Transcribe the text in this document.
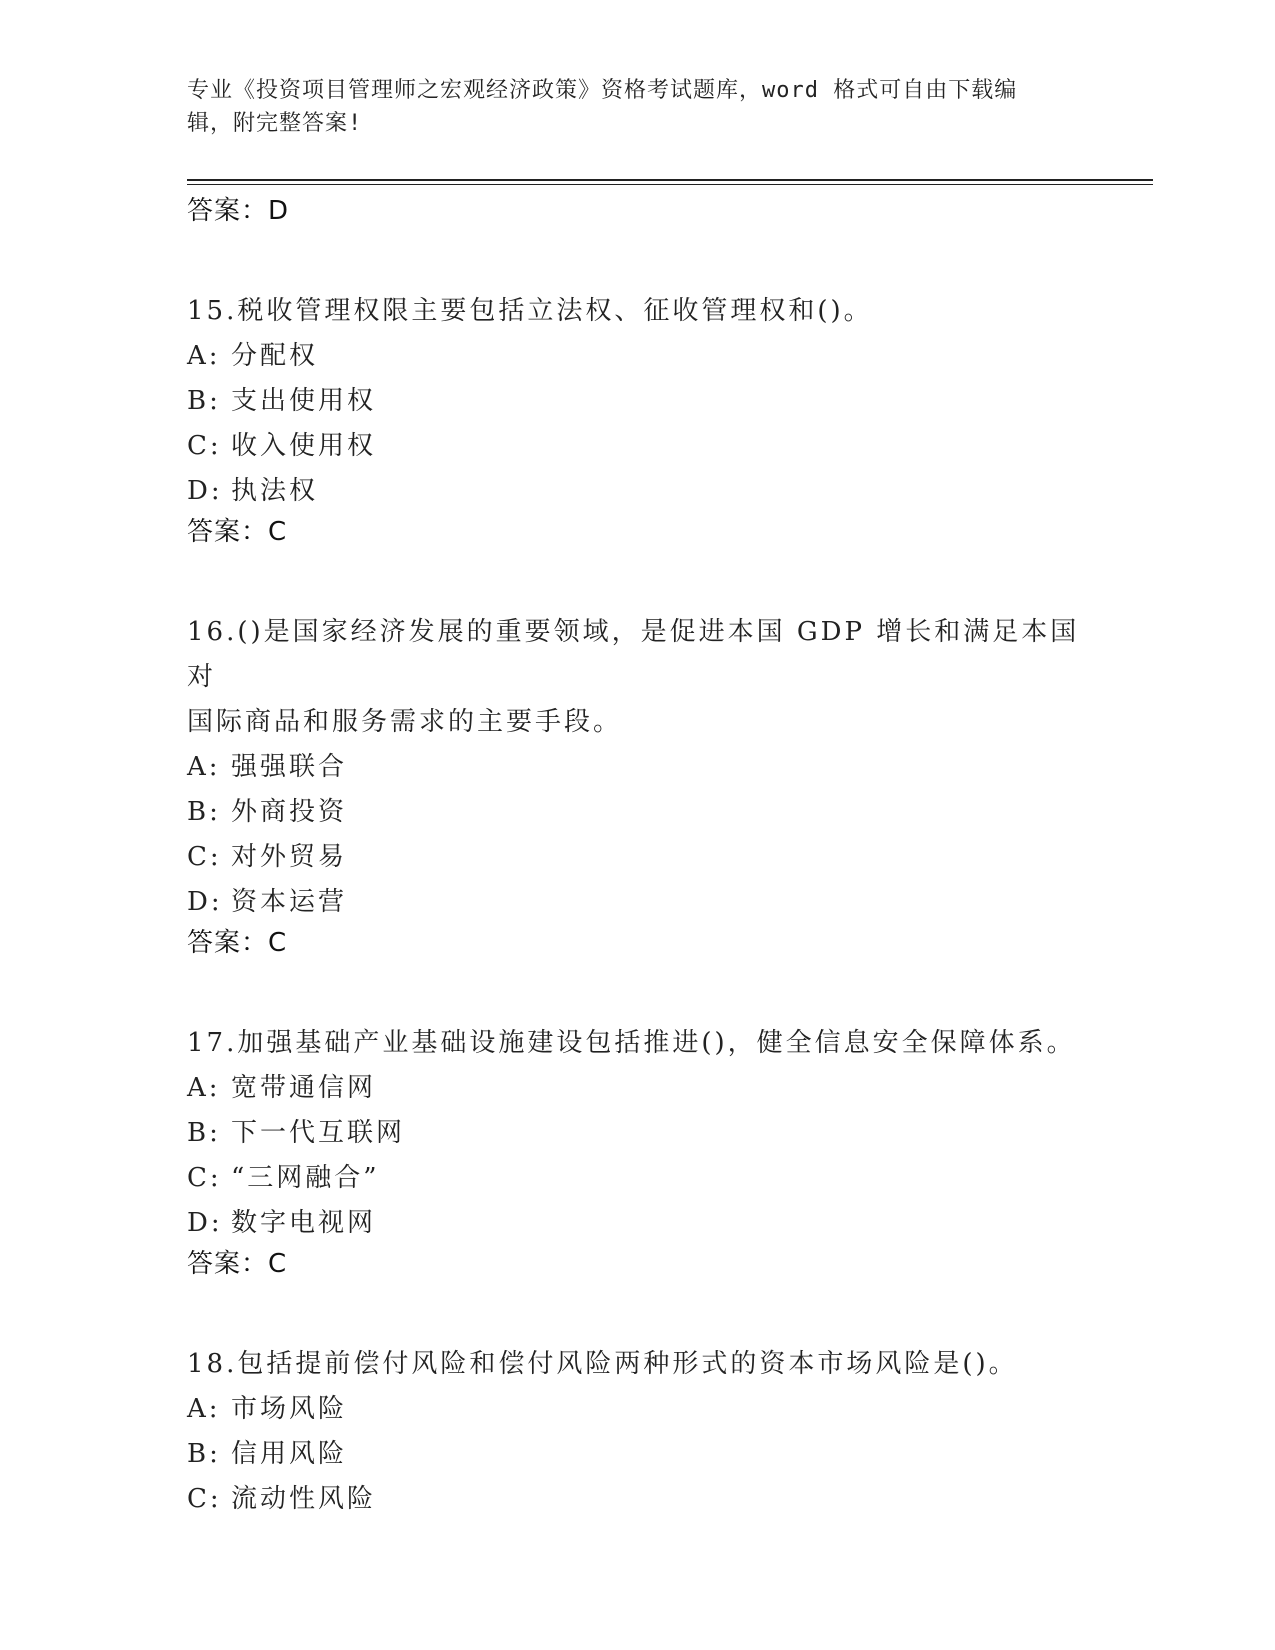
专业《投资项目管理师之宏观经济政策》资格考试题库，word 格式可自由下载编
辑，附完整答案!
答案：D
15.税收管理权限主要包括立法权、征收管理权和()。
A: 分配权
B: 支出使用权
C: 收入使用权
D: 执法权
答案：C
16.()是国家经济发展的重要领域，是促进本国 GDP 增长和满足本国对
国际商品和服务需求的主要手段。
A: 强强联合
B: 外商投资
C: 对外贸易
D: 资本运营
答案：C
17.加强基础产业基础设施建设包括推进()，健全信息安全保障体系。
A: 宽带通信网
B: 下一代互联网
C: “三网融合”
D: 数字电视网
答案：C
18.包括提前偿付风险和偿付风险两种形式的资本市场风险是()。
A: 市场风险
B: 信用风险
C: 流动性风险
